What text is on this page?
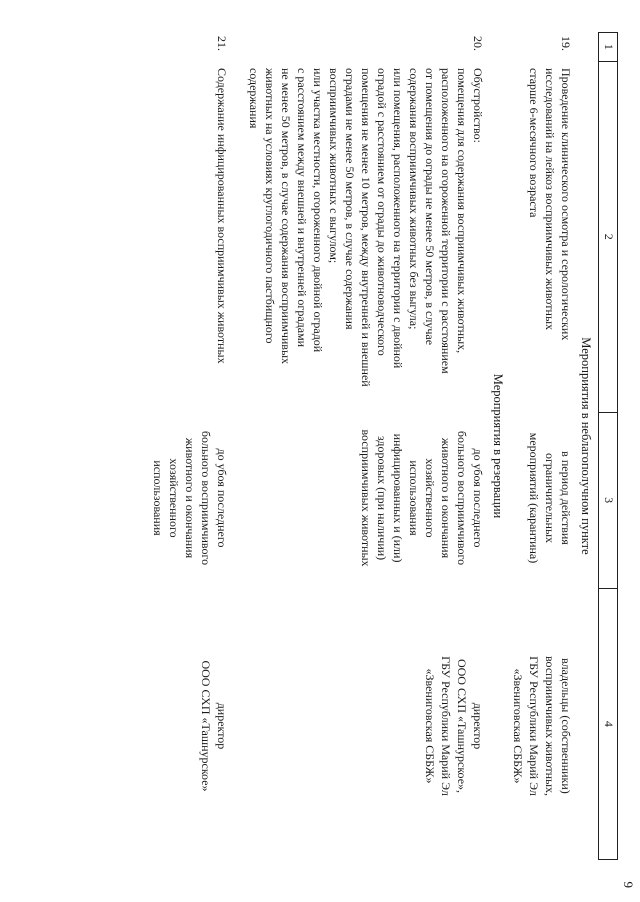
9
1
2
3
4
Мероприятия в неблагополучном пункте
19.
Проведение клинического осмотра и серологических
исследований на лейкоз восприимчивых животных
старше 6-месячного возраста
в период действия
ограничительных
мероприятий (карантина)
владельцы (собственники)
восприимчивых животных,
ГБУ Республики Марий Эл
«Звениговская СББЖ»
Мероприятия в резервации
20.
Обустройство:
помещения для содержания восприимчивых животных,
расположенного на огороженной территории с расстоянием
от помещения до ограды не менее 50 метров, в случае
содержания восприимчивых животных без выгула;
или помещения, расположенного на территории с двойной
оградой с расстоянием от ограды до животноводческого
помещения не менее 10 метров, между внутренней и внешней
оградами не менее 50 метров, в случае содержания
восприимчивых животных с выгулом;
или участка местности, огороженного двойной оградой
с расстоянием между внешней и внутренней оградами
не менее 50 метров, в случае содержания восприимчивых
животных на условиях круглогодичного пастбищного
содержания
до убоя последнего
больного восприимчивого
животного и окончания
хозяйственного
использования
инфицированных и (или)
здоровых (при наличии)
восприимчивых животных
директор
ООО СХП «Ташнурское»,
ГБУ Республики Марий Эл
«Звениговская СББЖ»
21.
Содержание инфицированных восприимчивых животных
до убоя последнего
больного восприимчивого
животного и окончания
хозяйственного
использования
директор
ООО СХП «Ташнурское»
